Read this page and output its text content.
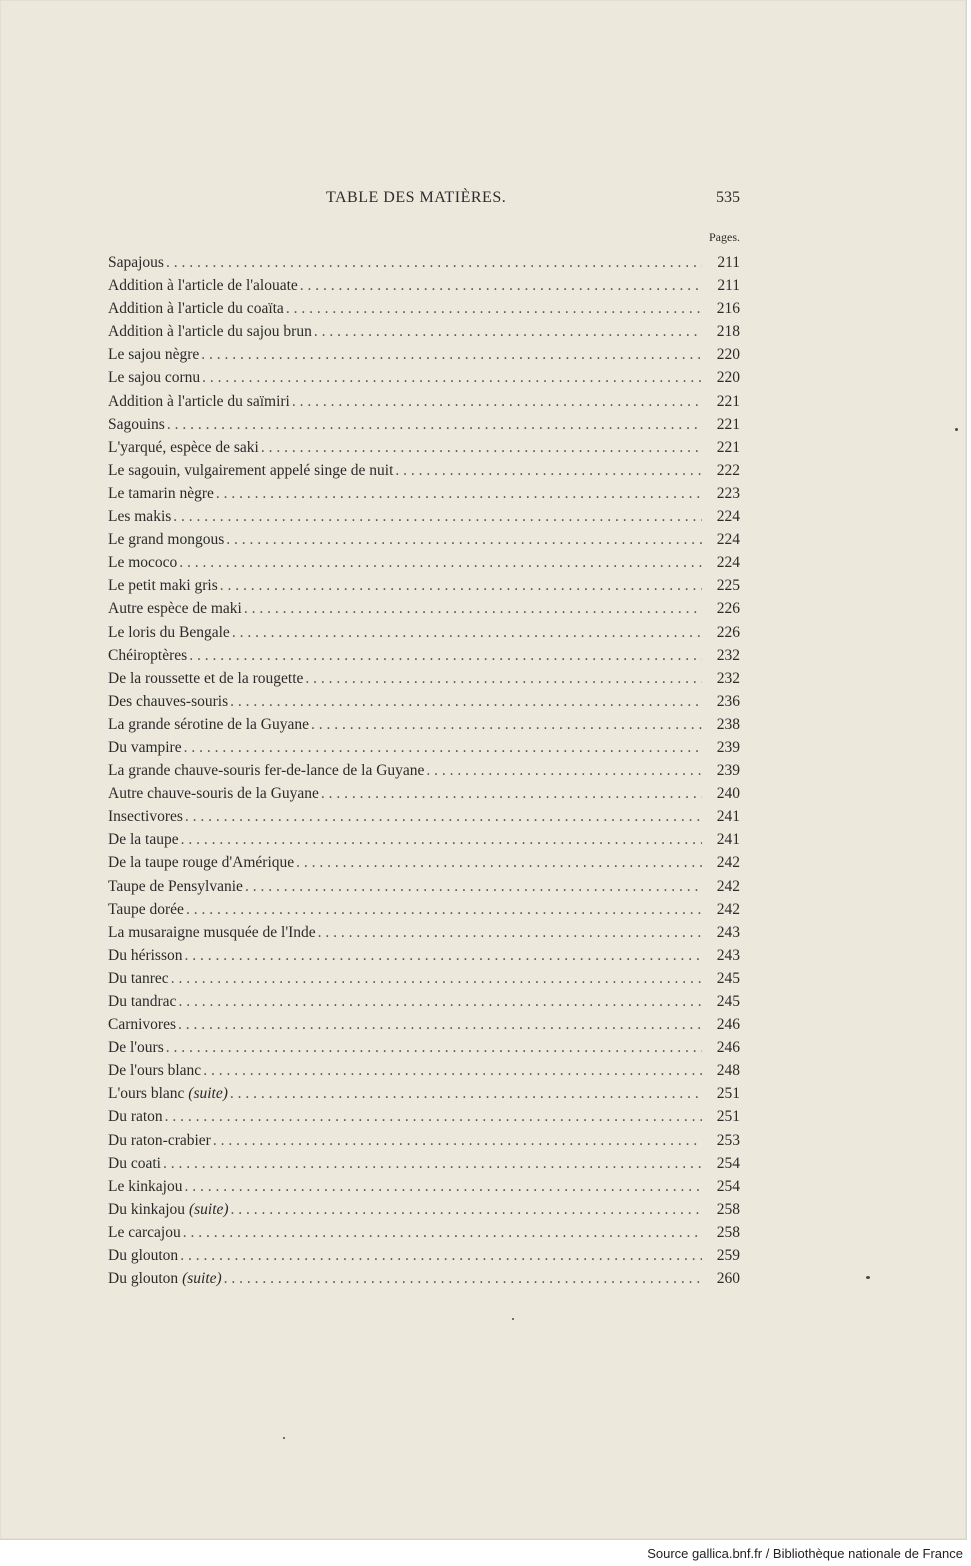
TABLE DES MATIÈRES.	535
Pages.
Sapajous . . .	211
Addition à l'article de l'alouate . . .	211
Addition à l'article du coaïta . . .	216
Addition à l'article du sajou brun . . .	218
Le sajou nègre . . .	220
Le sajou cornu . . .	220
Addition à l'article du saïmiri . . .	221
Sagouins . . .	221
L'yarqué, espèce de saki . . .	221
Le sagouin, vulgairement appelé singe de nuit . . .	222
Le tamarin nègre . . .	223
Les makis . . .	224
Le grand mongous . . .	224
Le mococo . . .	224
Le petit maki gris . . .	225
Autre espèce de maki . . .	226
Le loris du Bengale . . .	226
Chéiroptères . . .	232
De la roussette et de la rougette . . .	232
Des chauves-souris . . .	236
La grande sérotine de la Guyane . . .	238
Du vampire . . .	239
La grande chauve-souris fer-de-lance de la Guyane . . .	239
Autre chauve-souris de la Guyane . . .	240
Insectivores . . .	241
De la taupe . . .	241
De la taupe rouge d'Amérique . . .	242
Taupe de Pensylvanie . . .	242
Taupe dorée . . .	242
La musaraigne musquée de l'Inde . . .	243
Du hérisson . . .	243
Du tanrec . . .	245
Du tandrac . . .	245
Carnivores . . .	246
De l'ours . . .	246
De l'ours blanc . . .	248
L'ours blanc (suite) . . .	251
Du raton . . .	251
Du raton-crabier . . .	253
Du coati . . .	254
Le kinkajou . . .	254
Du kinkajou (suite) . . .	258
Le carcajou . . .	258
Du glouton . . .	259
Du glouton (suite) . . .	260
Source gallica.bnf.fr / Bibliothèque nationale de France
